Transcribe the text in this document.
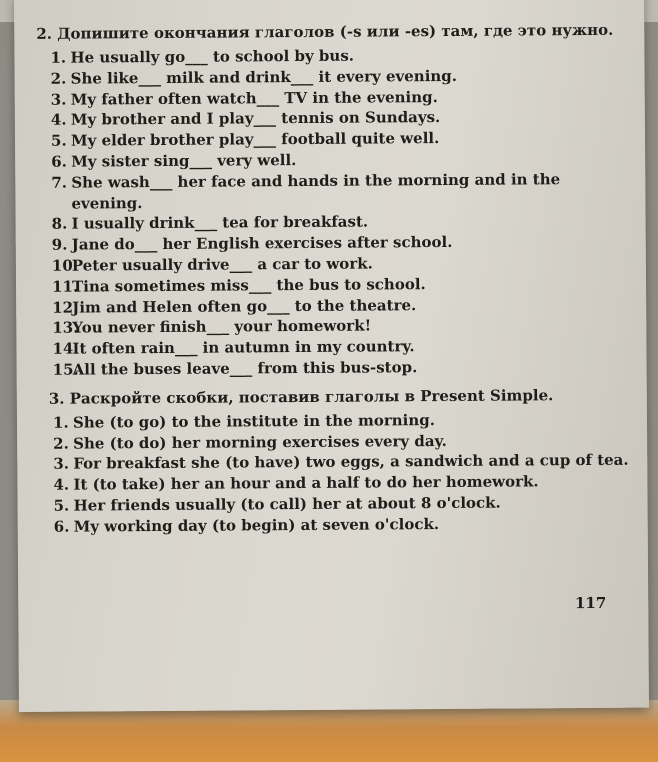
2. Допишите окончания глаголов (-s или -es) там, где это нужно.
1. He usually go___ to school by bus.
2. She like___ milk and drink___ it every evening.
3. My father often watch___ TV in the evening.
4. My brother and I play___ tennis on Sundays.
5. My elder brother play___ football quite well.
6. My sister sing___ very well.
7. She wash___ her face and hands in the morning and in the evening.
8. I usually drink___ tea for breakfast.
9. Jane do___ her English exercises after school.
10.
Peter usually drive___ a car to work.
11.
Tina sometimes miss___ the bus to school.
12.
Jim and Helen often go___ to the theatre.
13.
You never finish___ your homework!
14.
It often rain___ in autumn in my country.
15.
All the buses leave___ from this bus-stop.
3. Раскройте скобки, поставив глаголы в Present Simple.
1. She (to go) to the institute in the morning.
2. She (to do) her morning exercises every day.
3. For breakfast she (to have) two eggs, a sandwich and a cup of tea.
4. It (to take) her an hour and a half to do her homework.
5. Her friends usually (to call) her at about 8 o'clock.
6. My working day (to begin) at seven o'clock.
117
